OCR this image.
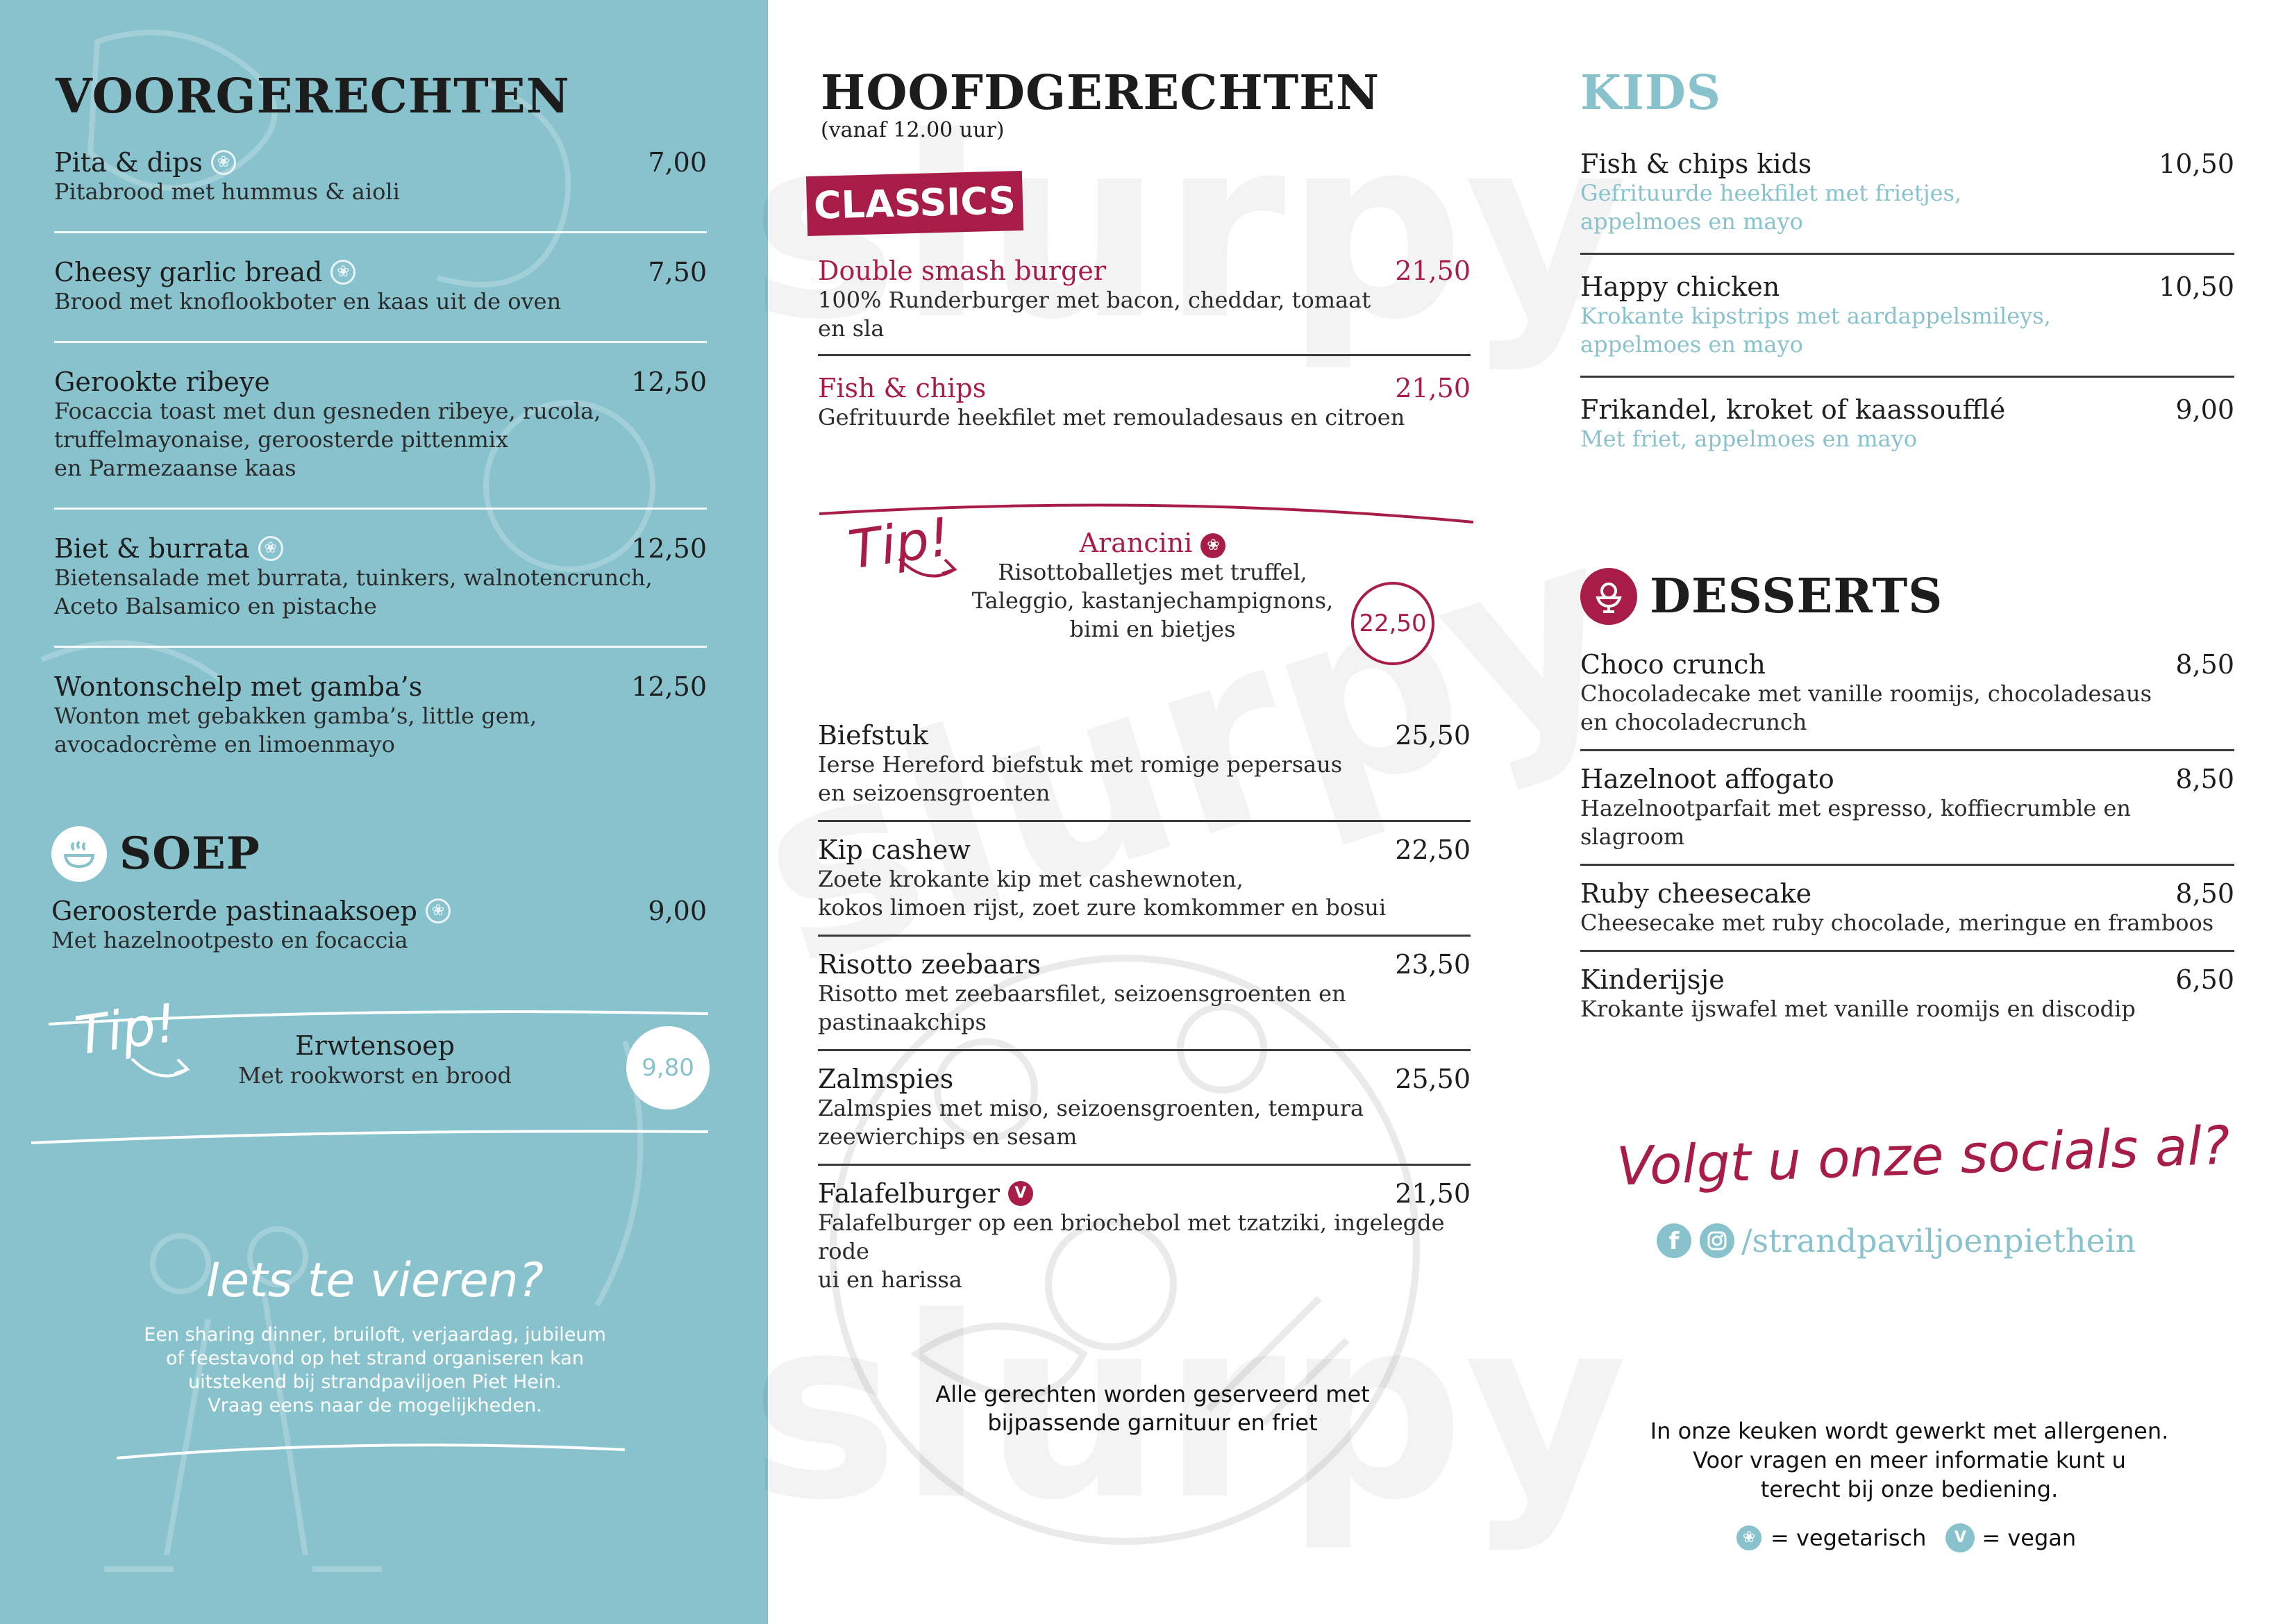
VOORGERECHTEN
Pita & dips ❀	7,00
Pitabrood met hummus & aioli
Cheesy garlic bread ❀	7,50
Brood met knoflookboter en kaas uit de oven
Gerookte ribeye	12,50
Focaccia toast met dun gesneden ribeye, rucola,
truffelmayonaise, geroosterde pittenmix
en Parmezaanse kaas
Biet & burrata ❀	12,50
Bietensalade met burrata, tuinkers, walnotencrunch,
Aceto Balsamico en pistache
Wontonschelp met gamba’s	12,50
Wonton met gebakken gamba’s, little gem,
avocadocrème en limoenmayo
SOEP
Geroosterde pastinaaksoep ❀	9,00
Met hazelnootpesto en focaccia
Tip!	Erwtensoep
Met rookworst en brood	9,80
Iets te vieren?
Een sharing dinner, bruiloft, verjaardag, jubileum
of feestavond op het strand organiseren kan
uitstekend bij strandpaviljoen Piet Hein.
Vraag eens naar de mogelijkheden.
HOOFDGERECHTEN
(vanaf 12.00 uur)
CLASSICS
Double smash burger	21,50
100% Runderburger met bacon, cheddar, tomaat
en sla
Fish & chips	21,50
Gefrituurde heekfilet met remouladesaus en citroen
Tip!	Arancini ❀
Risottoballetjes met truffel,
Taleggio, kastanjechampignons,
bimi en bietjes	22,50
Biefstuk	25,50
Ierse Hereford biefstuk met romige pepersaus
en seizoensgroenten
Kip cashew	22,50
Zoete krokante kip met cashewnoten,
kokos limoen rijst, zoet zure komkommer en bosui
Risotto zeebaars	23,50
Risotto met zeebaarsfilet, seizoensgroenten en
pastinaakchips
Zalmspies	25,50
Zalmspies met miso, seizoensgroenten, tempura
zeewierchips en sesam
Falafelburger V	21,50
Falafelburger op een briochebol met tzatziki, ingelegde rode
ui en harissa
Alle gerechten worden geserveerd met
bijpassende garnituur en friet
KIDS
Fish & chips kids	10,50
Gefrituurde heekfilet met frietjes,
appelmoes en mayo
Happy chicken	10,50
Krokante kipstrips met aardappelsmileys,
appelmoes en mayo
Frikandel, kroket of kaassoufflé	9,00
Met friet, appelmoes en mayo
DESSERTS
Choco crunch	8,50
Chocoladecake met vanille roomijs, chocoladesaus
en chocoladecrunch
Hazelnoot affogato	8,50
Hazelnootparfait met espresso, koffiecrumble en
slagroom
Ruby cheesecake	8,50
Cheesecake met ruby chocolade, meringue en framboos
Kinderijsje	6,50
Krokante ijswafel met vanille roomijs en discodip
Volgt u onze socials al?
f	/strandpaviljoenpiethein
In onze keuken wordt gewerkt met allergenen.
Voor vragen en meer informatie kunt u
terecht bij onze bediening.
❀ = vegetarisch	V = vegan
